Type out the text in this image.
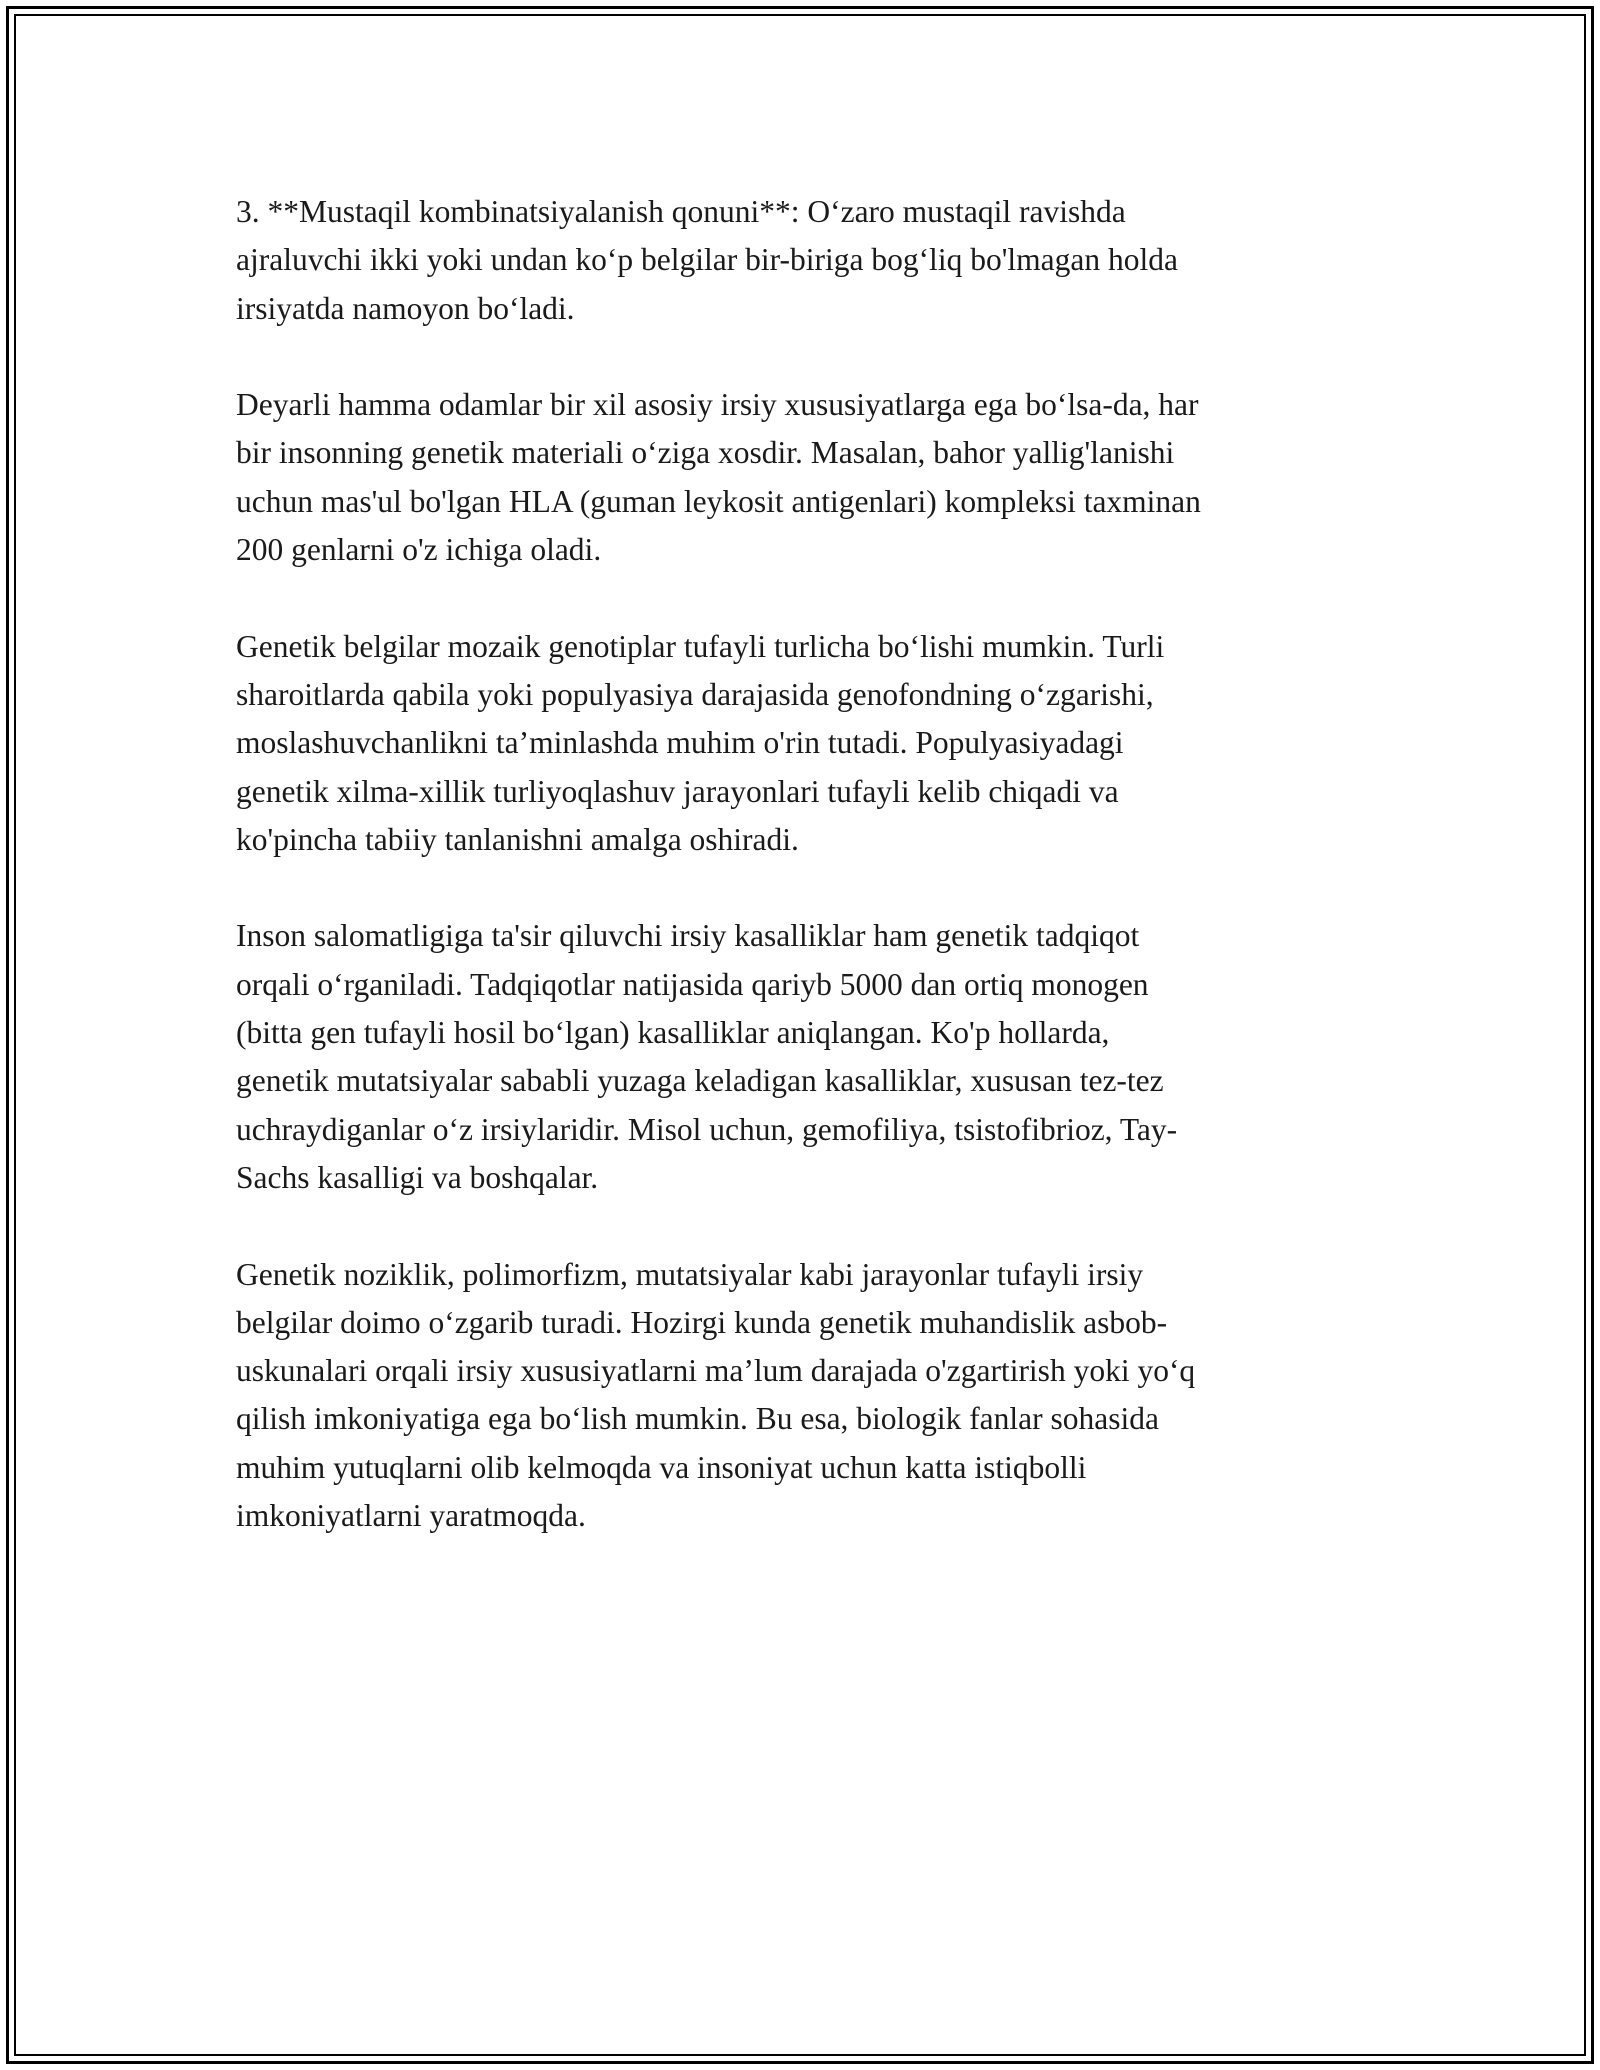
3. **Mustaqil kombinatsiyalanish qonuni**: O‘zaro mustaqil ravishda
ajraluvchi ikki yoki undan ko‘p belgilar bir-biriga bog‘liq bo'lmagan holda
irsiyatda namoyon bo‘ladi.

Deyarli hamma odamlar bir xil asosiy irsiy xususiyatlarga ega bo‘lsa-da, har
bir insonning genetik materiali o‘ziga xosdir. Masalan, bahor yallig'lanishi
uchun mas'ul bo'lgan HLA (guman leykosit antigenlari) kompleksi taxminan
200 genlarni o'z ichiga oladi.

Genetik belgilar mozaik genotiplar tufayli turlicha bo‘lishi mumkin. Turli
sharoitlarda qabila yoki populyasiya darajasida genofondning o‘zgarishi,
moslashuvchanlikni ta’minlashda muhim o'rin tutadi. Populyasiyadagi
genetik xilma-xillik turliyoqlashuv jarayonlari tufayli kelib chiqadi va
ko'pincha tabiiy tanlanishni amalga oshiradi.

Inson salomatligiga ta'sir qiluvchi irsiy kasalliklar ham genetik tadqiqot
orqali o‘rganiladi. Tadqiqotlar natijasida qariyb 5000 dan ortiq monogen
(bitta gen tufayli hosil bo‘lgan) kasalliklar aniqlangan. Ko'p hollarda,
genetik mutatsiyalar sababli yuzaga keladigan kasalliklar, xususan tez-tez
uchraydiganlar o‘z irsiylaridir. Misol uchun, gemofiliya, tsistofibrioz, Tay-
Sachs kasalligi va boshqalar.

Genetik noziklik, polimorfizm, mutatsiyalar kabi jarayonlar tufayli irsiy
belgilar doimo o‘zgarib turadi. Hozirgi kunda genetik muhandislik asbob-
uskunalari orqali irsiy xususiyatlarni ma’lum darajada o'zgartirish yoki yo‘q
qilish imkoniyatiga ega bo‘lish mumkin. Bu esa, biologik fanlar sohasida
muhim yutuqlarni olib kelmoqda va insoniyat uchun katta istiqbolli
imkoniyatlarni yaratmoqda.
